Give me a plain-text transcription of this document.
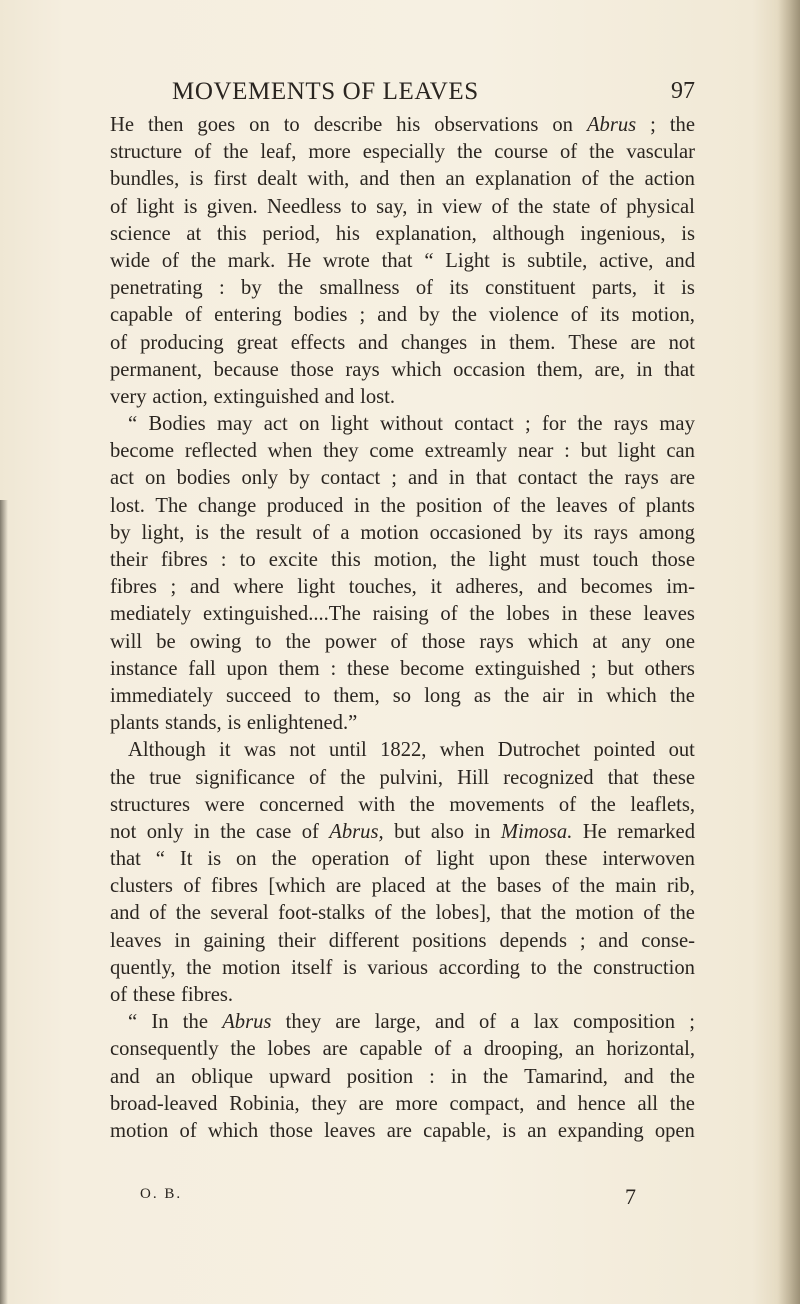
MOVEMENTS OF LEAVES	97
He then goes on to describe his observations on Abrus ; the
structure of the leaf, more especially the course of the vascular
bundles, is first dealt with, and then an explanation of the action
of light is given. Needless to say, in view of the state of physical
science at this period, his explanation, although ingenious, is
wide of the mark. He wrote that “ Light is subtile, active, and
penetrating : by the smallness of its constituent parts, it is
capable of entering bodies ; and by the violence of its motion,
of producing great effects and changes in them. These are not
permanent, because those rays which occasion them, are, in that
very action, extinguished and lost.
“ Bodies may act on light without contact ; for the rays may
become reflected when they come extreamly near : but light can
act on bodies only by contact ; and in that contact the rays are
lost. The change produced in the position of the leaves of plants
by light, is the result of a motion occasioned by its rays among
their fibres : to excite this motion, the light must touch those
fibres ; and where light touches, it adheres, and becomes im-
mediately extinguished....The raising of the lobes in these leaves
will be owing to the power of those rays which at any one
instance fall upon them : these become extinguished ; but others
immediately succeed to them, so long as the air in which the
plants stands, is enlightened.”
Although it was not until 1822, when Dutrochet pointed out
the true significance of the pulvini, Hill recognized that these
structures were concerned with the movements of the leaflets,
not only in the case of Abrus, but also in Mimosa. He remarked
that “ It is on the operation of light upon these interwoven
clusters of fibres [which are placed at the bases of the main rib,
and of the several foot-stalks of the lobes], that the motion of the
leaves in gaining their different positions depends ; and conse-
quently, the motion itself is various according to the construction
of these fibres.
“ In the Abrus they are large, and of a lax composition ;
consequently the lobes are capable of a drooping, an horizontal,
and an oblique upward position : in the Tamarind, and the
broad-leaved Robinia, they are more compact, and hence all the
motion of which those leaves are capable, is an expanding open
O. B.	7
